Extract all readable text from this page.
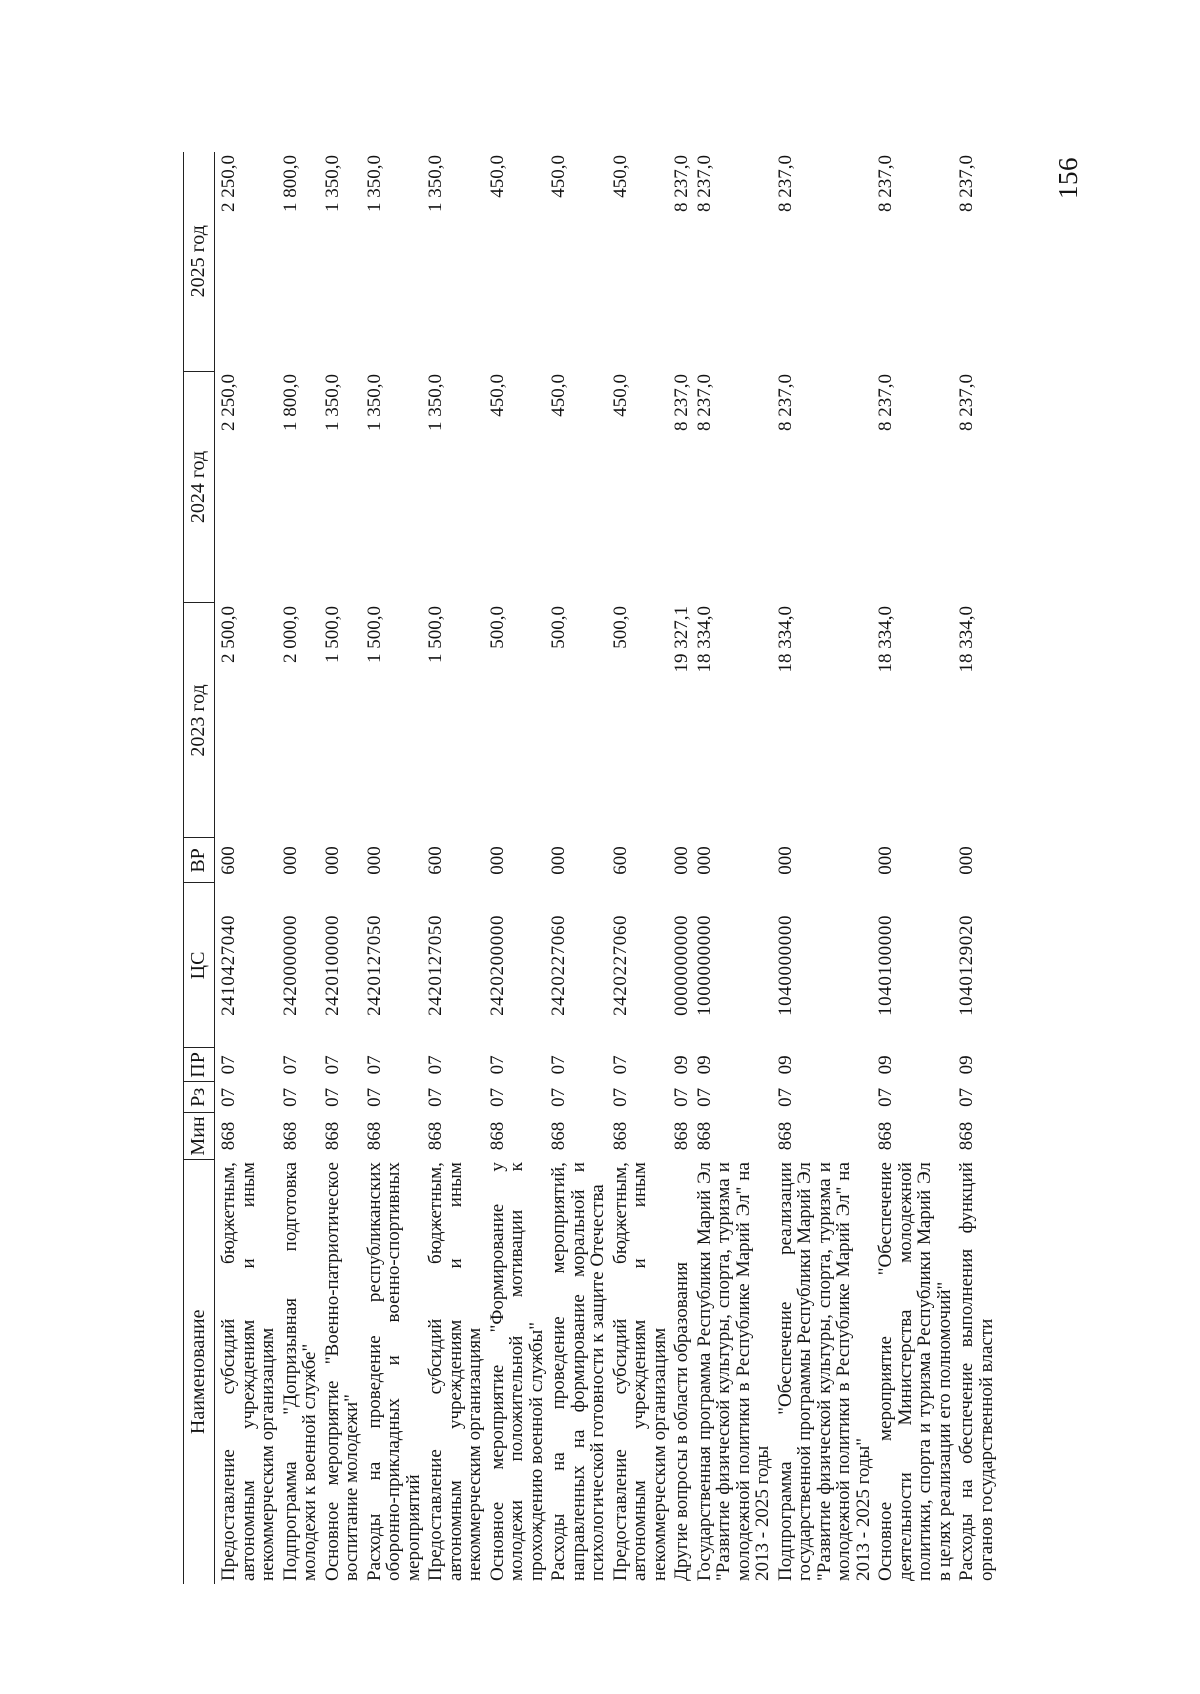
156
Наименование	Мин	Рз	ПР	ЦС	ВР	2023 год	2024 год	2025 год
Предоставление субсидий бюджетным, автономным учреждениям и иным некоммерческим организациям	868	07	07	2410427040	600	2 500,0	2 250,0	2 250,0
Подпрограмма "Допризывная подготовка молодежи к военной службе"	868	07	07	2420000000	000	2 000,0	1 800,0	1 800,0
Основное мероприятие "Военно-патриотическое воспитание молодежи"	868	07	07	2420100000	000	1 500,0	1 350,0	1 350,0
Расходы на проведение республиканских оборонно-прикладных и военно-спортивных мероприятий	868	07	07	2420127050	000	1 500,0	1 350,0	1 350,0
Предоставление субсидий бюджетным, автономным учреждениям и иным некоммерческим организациям	868	07	07	2420127050	600	1 500,0	1 350,0	1 350,0
Основное мероприятие "Формирование у молодежи положительной мотивации к прохождению военной службы"	868	07	07	2420200000	000	500,0	450,0	450,0
Расходы на проведение мероприятий, направленных на формирование моральной и психологической готовности к защите Отечества	868	07	07	2420227060	000	500,0	450,0	450,0
Предоставление субсидий бюджетным, автономным учреждениям и иным некоммерческим организациям	868	07	07	2420227060	600	500,0	450,0	450,0
Другие вопросы в области образования	868	07	09	0000000000	000	19 327,1	8 237,0	8 237,0
Государственная программа Республики Марий Эл "Развитие физической культуры, спорта, туризма и молодежной политики в Республике Марий Эл" на 2013 - 2025 годы	868	07	09	1000000000	000	18 334,0	8 237,0	8 237,0
Подпрограмма "Обеспечение реализации государственной программы Республики Марий Эл "Развитие физической культуры, спорта, туризма и молодежной политики в Республике Марий Эл" на 2013 - 2025 годы"	868	07	09	1040000000	000	18 334,0	8 237,0	8 237,0
Основное мероприятие "Обеспечение деятельности Министерства молодежной политики, спорта и туризма Республики Марий Эл в целях реализации его полномочий"	868	07	09	1040100000	000	18 334,0	8 237,0	8 237,0
Расходы на обеспечение выполнения функций органов государственной власти	868	07	09	1040129020	000	18 334,0	8 237,0	8 237,0
